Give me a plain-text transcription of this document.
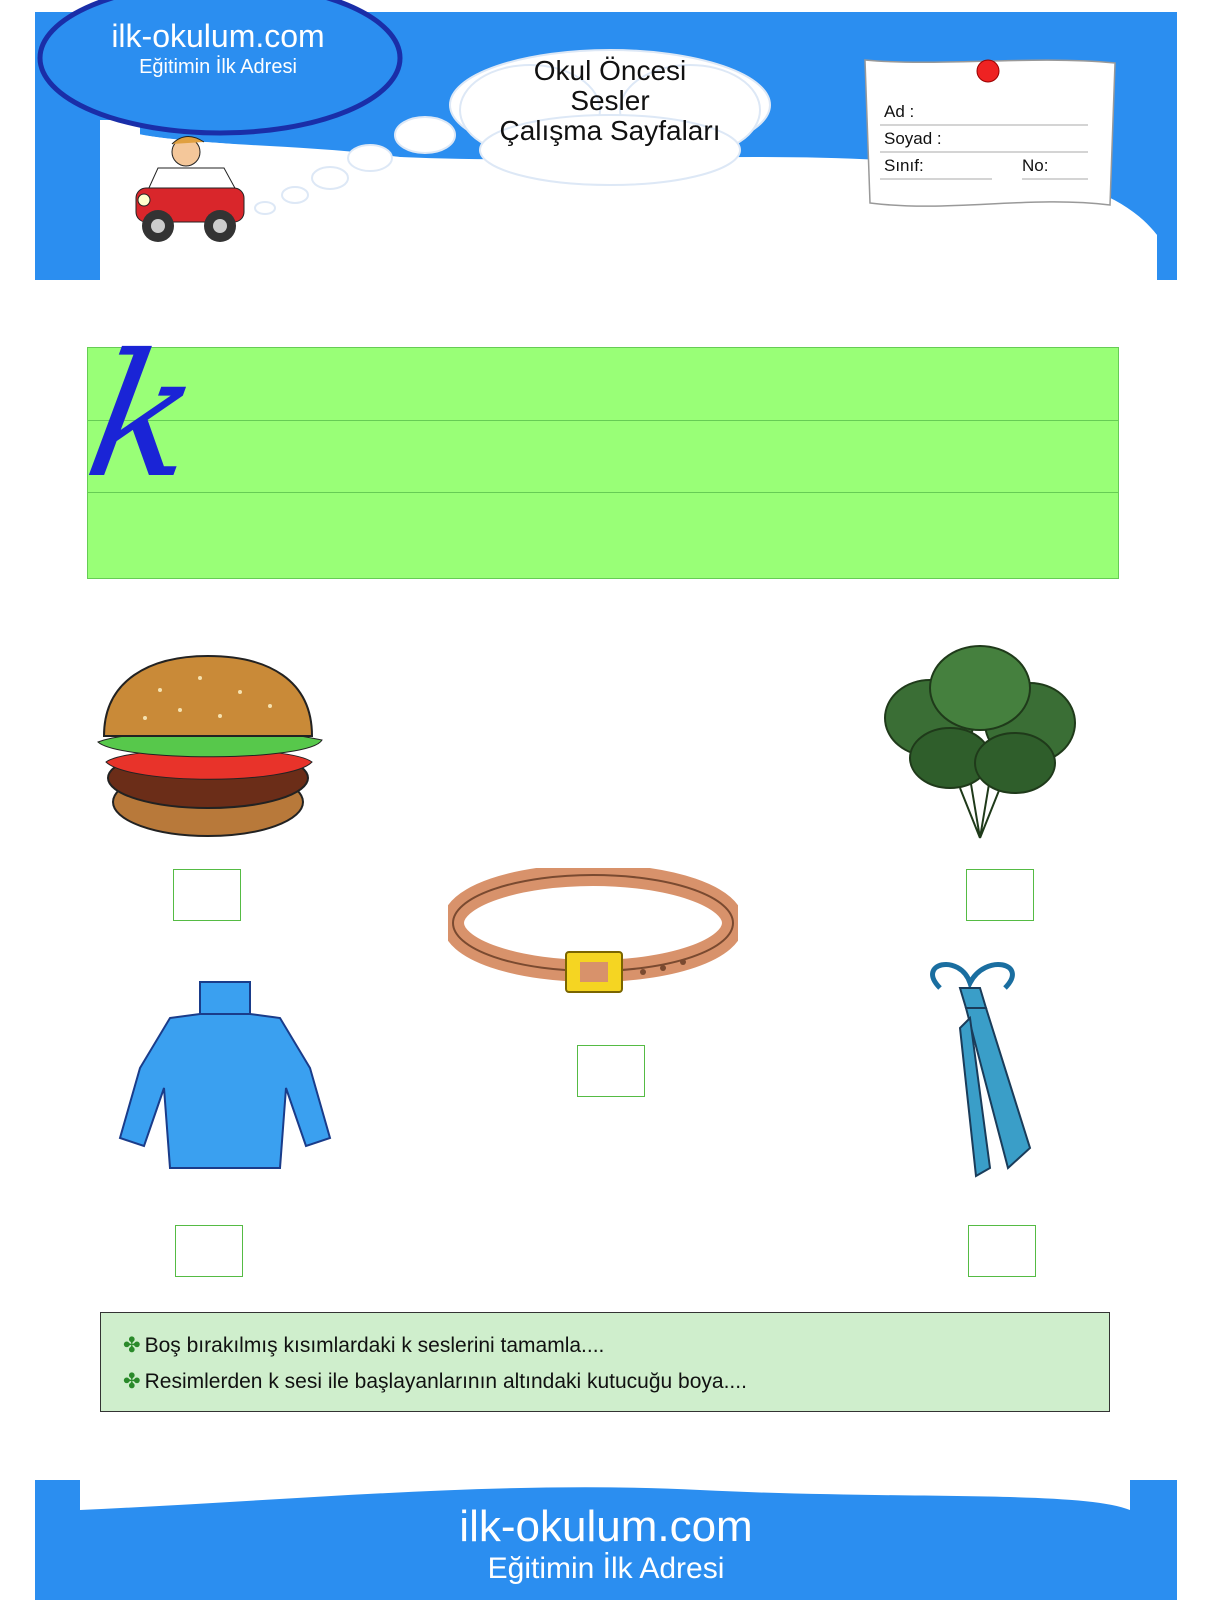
ilk-okulum.com
Eğitimin İlk Adresi	Okul Öncesi
Sesler
Çalışma Sayfaları
Ad :
Soyad :
Sınıf:	No:
k
✤ Boş bırakılmış kısımlardaki k seslerini tamamla....
✤ Resimlerden k sesi ile başlayanlarının altındaki kutucuğu boya....
ilk-okulum.com
Eğitimin İlk Adresi
